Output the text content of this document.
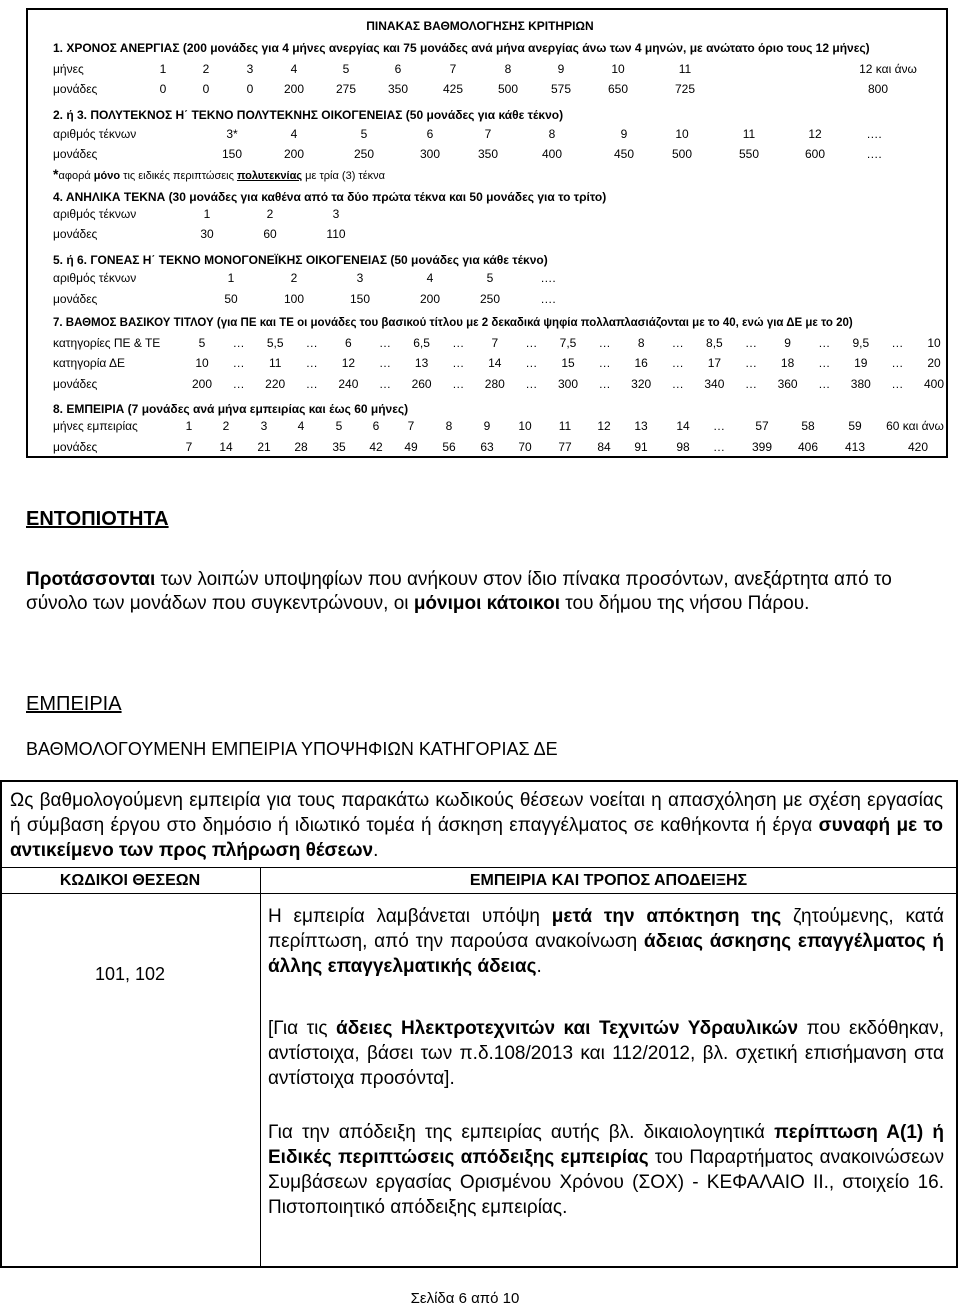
ΠΙΝΑΚΑΣ ΒΑΘΜΟΛΟΓΗΣΗΣ ΚΡΙΤΗΡΙΩΝ
1. ΧΡΟΝΟΣ ΑΝΕΡΓΙΑΣ (200 μονάδες για 4 μήνες ανεργίας και 75 μονάδες ανά μήνα ανεργίας άνω των 4 μηνών, με ανώτατο όριο τους 12 μήνες)
μήνες	1	2	3	4	5	6	7	8	9	10	11	12 και άνω
μονάδες	0	0	0	200	275	350	425	500	575	650	725	800
2. ή 3. ΠΟΛΥΤΕΚΝΟΣ Η΄ ΤΕΚΝΟ ΠΟΛΥΤΕΚΝΗΣ ΟΙΚΟΓΕΝΕΙΑΣ (50 μονάδες για κάθε τέκνο)
αριθμός τέκνων	3*	4	5	6	7	8	9	10	11	12	….
μονάδες	150	200	250	300	350	400	450	500	550	600	….
*αφορά μόνο τις ειδικές περιπτώσεις πολυτεκνίας με τρία (3) τέκνα
4. ΑΝΗΛΙΚΑ ΤΕΚΝΑ (30 μονάδες για καθένα από τα δύο πρώτα τέκνα και 50 μονάδες για το τρίτο)
αριθμός τέκνων	1	2	3
μονάδες	30	60	110
5. ή 6. ΓΟΝΕΑΣ Η΄ ΤΕΚΝΟ ΜΟΝΟΓΟΝΕΪΚΗΣ ΟΙΚΟΓΕΝΕΙΑΣ (50 μονάδες για κάθε τέκνο)
αριθμός τέκνων	1	2	3	4	5	….
μονάδες	50	100	150	200	250	….
7. ΒΑΘΜΟΣ ΒΑΣΙΚΟΥ ΤΙΤΛΟΥ (για ΠΕ και ΤΕ οι μονάδες του βασικού τίτλου με 2 δεκαδικά ψηφία πολλαπλασιάζονται με το 40, ενώ για ΔΕ με το 20)
κατηγορίες ΠΕ & ΤΕ	5	…	5,5	…	6	…	6,5	…	7	…	7,5	…	8	…	8,5	…	9	…	9,5	…	10
κατηγορία ΔΕ	10	…	11	…	12	…	13	…	14	…	15	…	16	…	17	…	18	…	19	…	20
μονάδες	200	…	220	…	240	…	260	…	280	…	300	…	320	…	340	…	360	…	380	…	400
8. ΕΜΠΕΙΡΙΑ (7 μονάδες ανά μήνα εμπειρίας και έως 60 μήνες)
μήνες εμπειρίας	1	2	3	4	5	6	7	8	9	10	11	12	13	14	…	57	58	59	60 και άνω
μονάδες	7	14	21	28	35	42	49	56	63	70	77	84	91	98	…	399	406	413	420
ΕΝΤΟΠΙΟΤΗΤΑ
Προτάσσονται των λοιπών υποψηφίων που ανήκουν στον ίδιο πίνακα προσόντων, ανεξάρτητα από το σύνολο των μονάδων που συγκεντρώνουν, οι μόνιμοι κάτοικοι του δήμου της νήσου Πάρου.
ΕΜΠΕΙΡΙΑ
ΒΑΘΜΟΛΟΓΟΥΜΕΝΗ ΕΜΠΕΙΡΙΑ ΥΠΟΨΗΦΙΩΝ ΚΑΤΗΓΟΡΙΑΣ ΔΕ
Ως βαθμολογούμενη εμπειρία για τους παρακάτω κωδικούς θέσεων νοείται η απασχόληση με σχέση εργασίας ή σύμβαση έργου στο δημόσιο ή ιδιωτικό τομέα ή άσκηση επαγγέλματος σε καθήκοντα ή έργα συναφή με το αντικείμενο των προς πλήρωση θέσεων.
ΚΩΔΙΚΟΙ ΘΕΣΕΩΝ	ΕΜΠΕΙΡΙΑ ΚΑΙ ΤΡΟΠΟΣ ΑΠΟΔΕΙΞΗΣ
101, 102
Η εμπειρία λαμβάνεται υπόψη μετά την απόκτηση της ζητούμενης, κατά περίπτωση, από την παρούσα ανακοίνωση άδειας άσκησης επαγγέλματος ή άλλης επαγγελματικής άδειας.
[Για τις άδειες Ηλεκτροτεχνιτών και Τεχνιτών Υδραυλικών που εκδόθηκαν, αντίστοιχα, βάσει των π.δ.108/2013 και 112/2012, βλ. σχετική επισήμανση στα αντίστοιχα προσόντα].
Για την απόδειξη της εμπειρίας αυτής βλ. δικαιολογητικά περίπτωση Α(1) ή Ειδικές περιπτώσεις απόδειξης εμπειρίας του Παραρτήματος ανακοινώσεων Συμβάσεων εργασίας Ορισμένου Χρόνου (ΣΟΧ) - ΚΕΦΑΛΑΙΟ ΙΙ., στοιχείο 16. Πιστοποιητικό απόδειξης εμπειρίας.
Σελίδα 6 από 10
